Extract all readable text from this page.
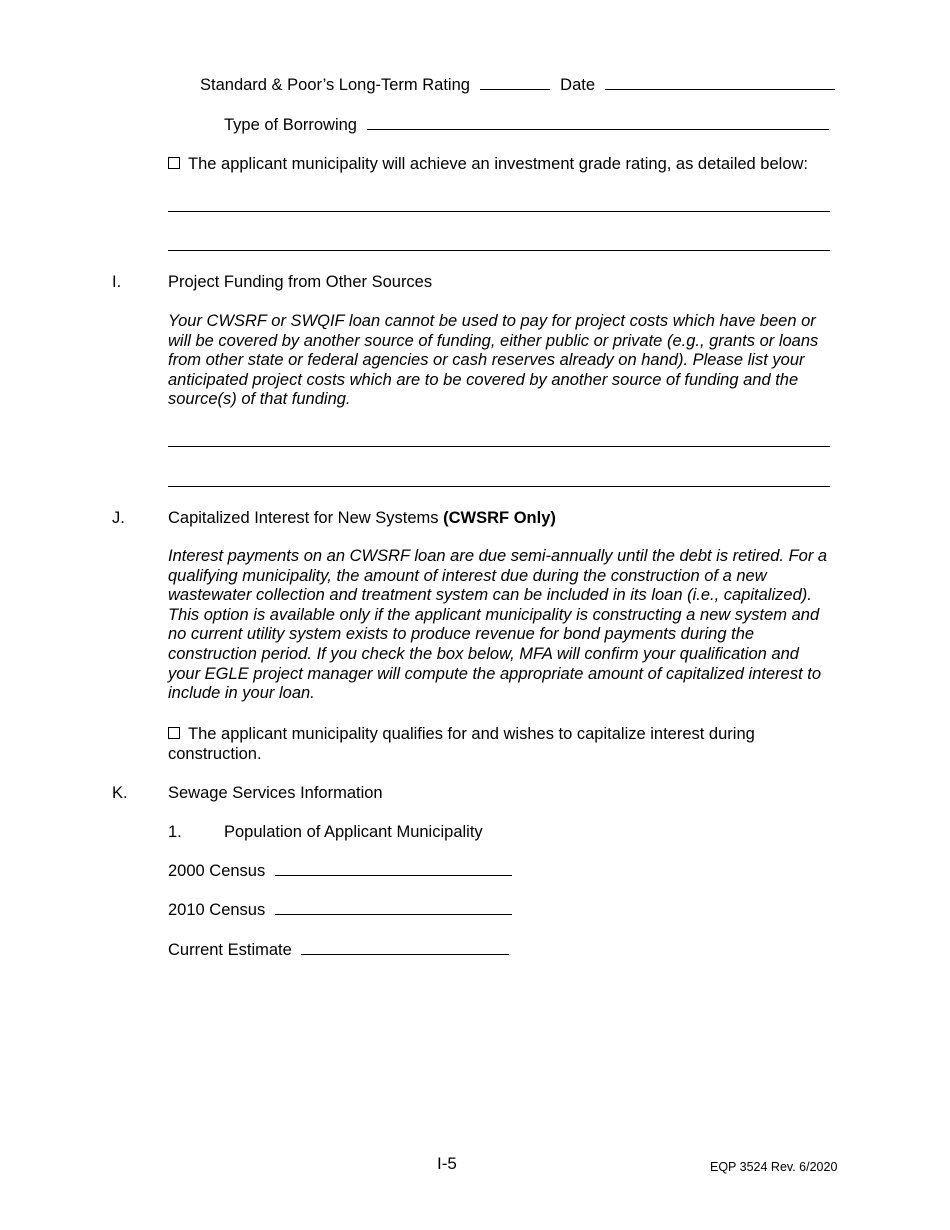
Standard & Poor’s Long-Term Rating	Date
Type of Borrowing
The applicant municipality will achieve an investment grade rating, as detailed below:
I.	Project Funding from Other Sources
Your CWSRF or SWQIF loan cannot be used to pay for project costs which have been or will be covered by another source of funding, either public or private (e.g., grants or loans from other state or federal agencies or cash reserves already on hand). Please list your anticipated project costs which are to be covered by another source of funding and the source(s) of that funding.
J.	Capitalized Interest for New Systems (CWSRF Only)
Interest payments on an CWSRF loan are due semi-annually until the debt is retired. For a qualifying municipality, the amount of interest due during the construction of a new wastewater collection and treatment system can be included in its loan (i.e., capitalized). This option is available only if the applicant municipality is constructing a new system and no current utility system exists to produce revenue for bond payments during the construction period. If you check the box below, MFA will confirm your qualification and your EGLE project manager will compute the appropriate amount of capitalized interest to include in your loan.
The applicant municipality qualifies for and wishes to capitalize interest during
construction.
K. Sewage Services Information
1.	Population of Applicant Municipality
2000 Census
2010 Census
Current Estimate
I-5	EQP 3524 Rev. 6/2020
